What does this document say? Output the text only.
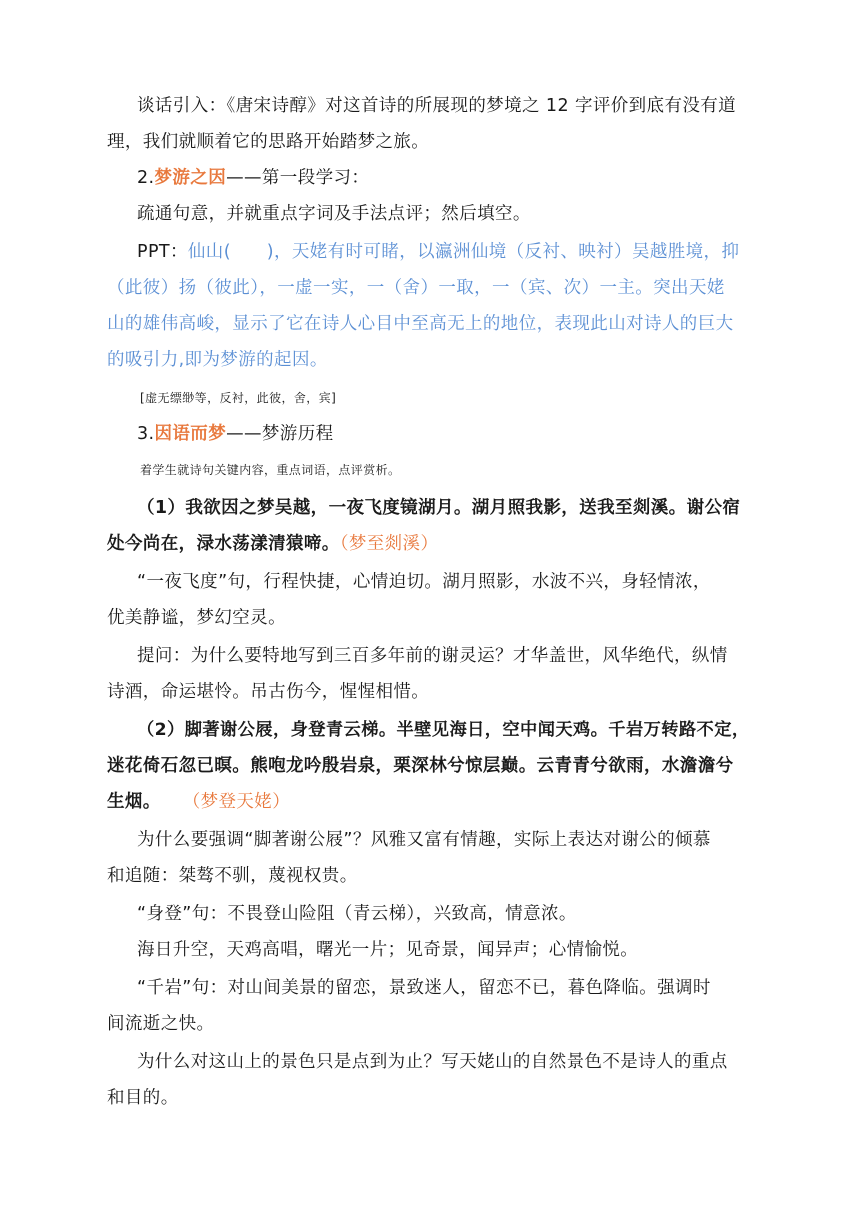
谈话引入：《唐宋诗醇》对这首诗的所展现的梦境之 12 字评价到底有没有道

理，我们就顺着它的思路开始踏梦之旅。

2.梦游之因——第一段学习：

疏通句意，并就重点字词及手法点评；然后填空。

PPT：仙山(　　)，天姥有时可睹，以瀛洲仙境（反衬、映衬）吴越胜境，抑

（此彼）扬（彼此），一虚一实，一（舍）一取，一（宾、次）一主。突出天姥

山的雄伟高峻，显示了它在诗人心目中至高无上的地位，表现此山对诗人的巨大

的吸引力,即为梦游的起因。

[虚无缥缈等，反衬，此彼，舍，宾]

3.因语而梦——梦游历程

着学生就诗句关键内容，重点词语，点评赏析。

（1）我欲因之梦吴越，一夜飞度镜湖月。湖月照我影，送我至剡溪。谢公宿

处今尚在，渌水荡漾清猿啼。（梦至剡溪）

“一夜飞度”句，行程快捷，心情迫切。湖月照影，水波不兴，身轻情浓，

优美静谧，梦幻空灵。

提问：为什么要特地写到三百多年前的谢灵运？才华盖世，风华绝代，纵情

诗酒，命运堪怜。吊古伤今，惺惺相惜。

（2）脚著谢公屐，身登青云梯。半壁见海日，空中闻天鸡。千岩万转路不定，

迷花倚石忽已暝。熊咆龙吟殷岩泉，栗深林兮惊层巅。云青青兮欲雨，水澹澹兮

生烟。 （梦登天姥）

为什么要强调“脚著谢公屐”？风雅又富有情趣，实际上表达对谢公的倾慕

和追随：桀骜不驯，蔑视权贵。

“身登”句：不畏登山险阻（青云梯），兴致高，情意浓。

海日升空，天鸡高唱，曙光一片；见奇景，闻异声；心情愉悦。

“千岩”句：对山间美景的留恋，景致迷人，留恋不已，暮色降临。强调时

间流逝之快。

为什么对这山上的景色只是点到为止？写天姥山的自然景色不是诗人的重点

和目的。
